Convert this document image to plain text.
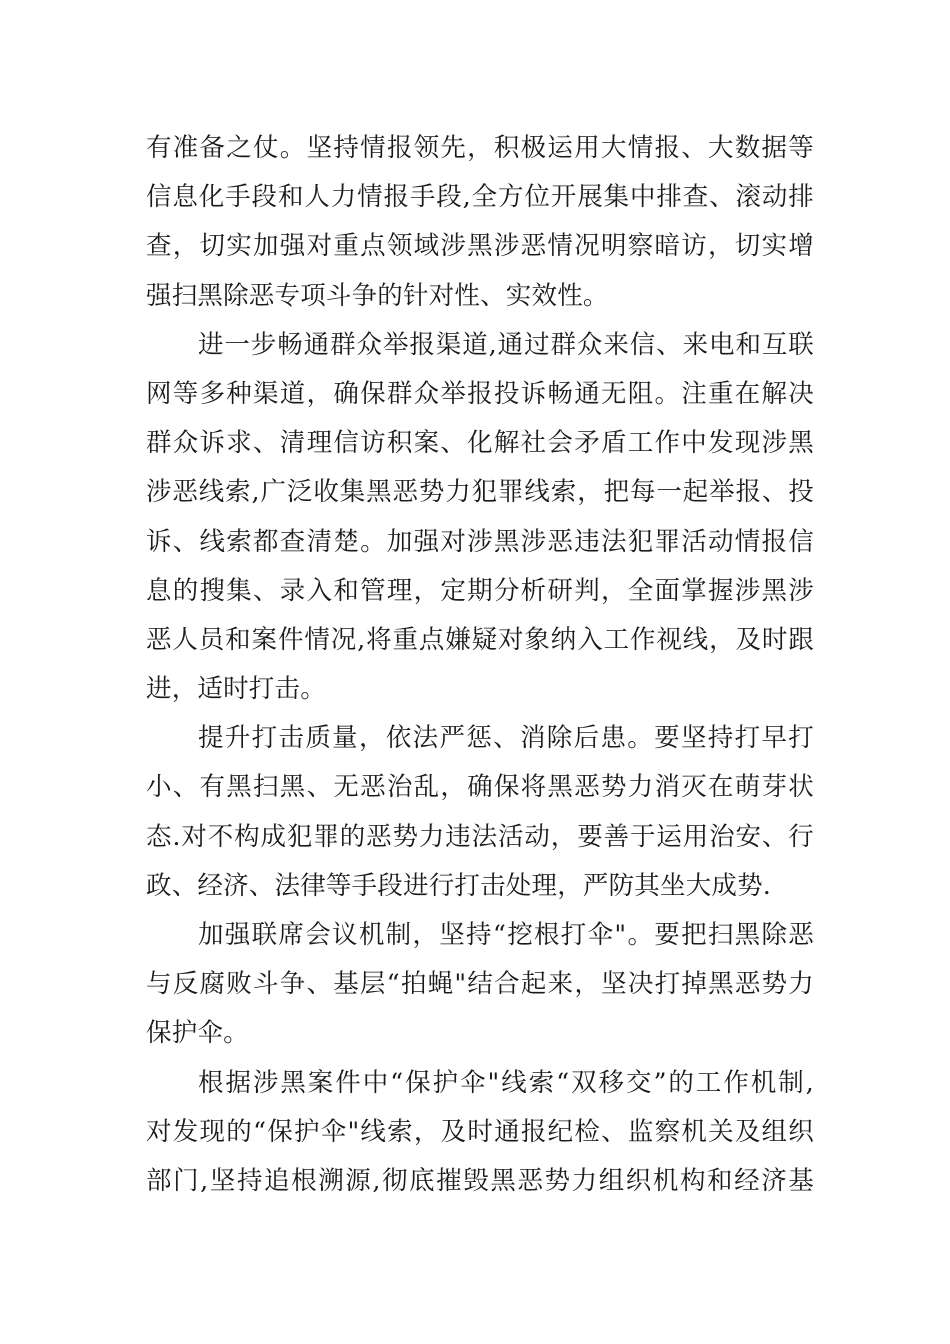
有准备之仗。坚持情报领先，积极运用大情报、大数据等
信息化手段和人力情报手段,全方位开展集中排查、滚动排
查，切实加强对重点领域涉黑涉恶情况明察暗访，切实增
强扫黑除恶专项斗争的针对性、实效性。
进一步畅通群众举报渠道,通过群众来信、来电和互联
网等多种渠道，确保群众举报投诉畅通无阻。注重在解决
群众诉求、清理信访积案、化解社会矛盾工作中发现涉黑
涉恶线索,广泛收集黑恶势力犯罪线索，把每一起举报、投
诉、线索都查清楚。加强对涉黑涉恶违法犯罪活动情报信
息的搜集、录入和管理，定期分析研判，全面掌握涉黑涉
恶人员和案件情况,将重点嫌疑对象纳入工作视线，及时跟
进，适时打击。
提升打击质量，依法严惩、消除后患。要坚持打早打
小、有黑扫黑、无恶治乱，确保将黑恶势力消灭在萌芽状
态.对不构成犯罪的恶势力违法活动，要善于运用治安、行
政、经济、法律等手段进行打击处理，严防其坐大成势.
加强联席会议机制，坚持“挖根打伞"。要把扫黑除恶
与反腐败斗争、基层“拍蝇"结合起来，坚决打掉黑恶势力
保护伞。
根据涉黑案件中“保护伞"线索“双移交”的工作机制,
对发现的“保护伞"线索，及时通报纪检、监察机关及组织
部门,坚持追根溯源,彻底摧毁黑恶势力组织机构和经济基
